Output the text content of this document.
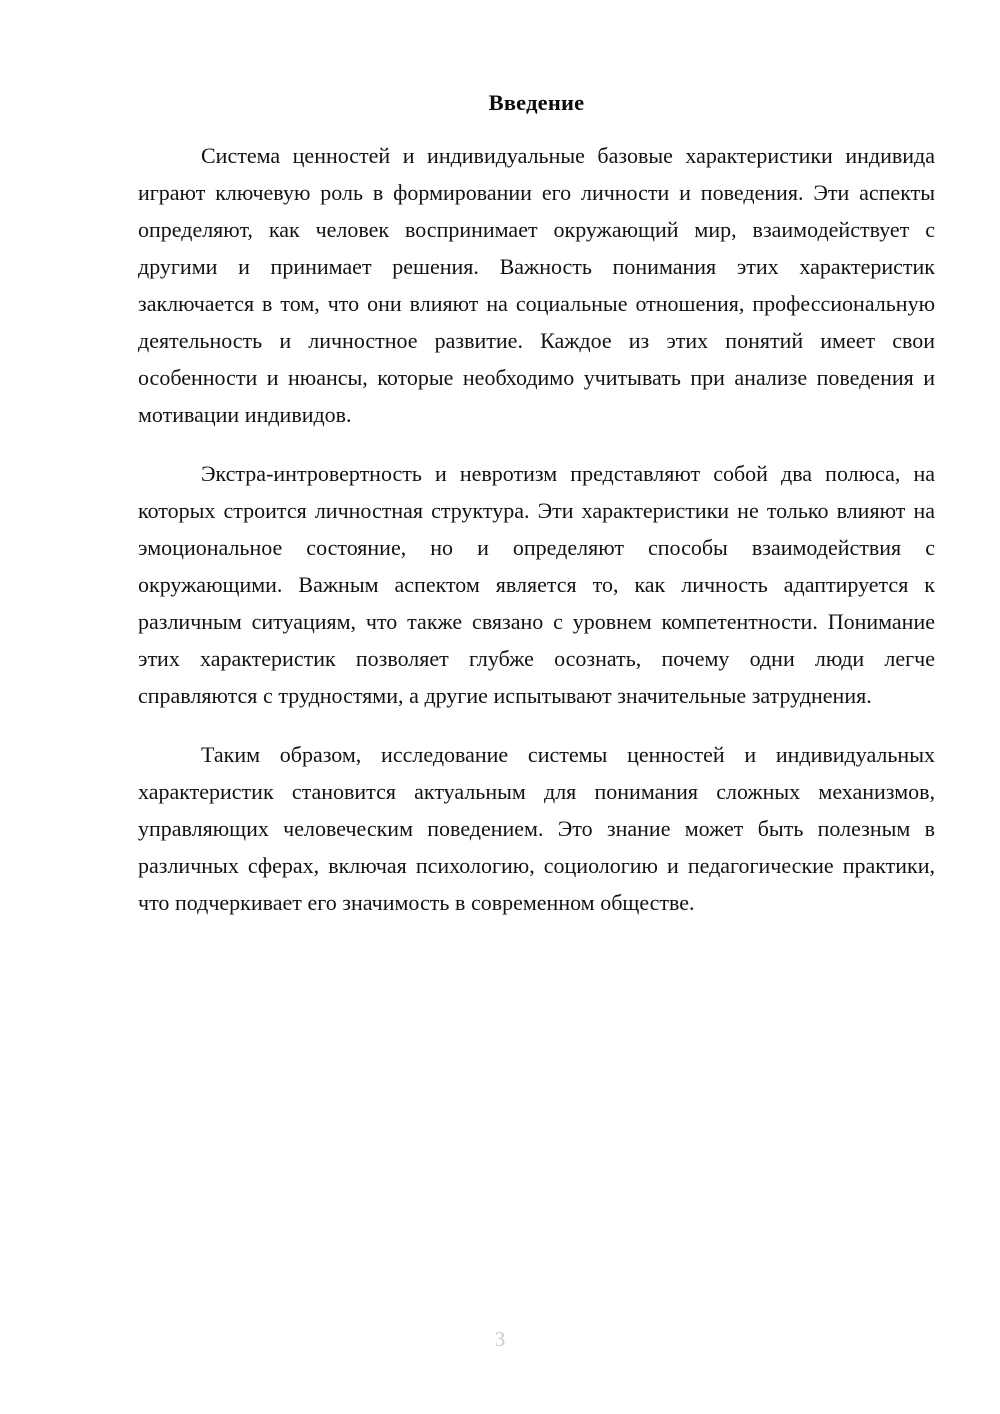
Введение

Система ценностей и индивидуальные базовые характеристики индивида играют ключевую роль в формировании его личности и поведения. Эти аспекты определяют, как человек воспринимает окружающий мир, взаимодействует с другими и принимает решения. Важность понимания этих характеристик заключается в том, что они влияют на социальные отношения, профессиональную деятельность и личностное развитие. Каждое из этих понятий имеет свои особенности и нюансы, которые необходимо учитывать при анализе поведения и мотивации индивидов.

Экстра-интровертность и невротизм представляют собой два полюса, на которых строится личностная структура. Эти характеристики не только влияют на эмоциональное состояние, но и определяют способы взаимодействия с окружающими. Важным аспектом является то, как личность адаптируется к различным ситуациям, что также связано с уровнем компетентности. Понимание этих характеристик позволяет глубже осознать, почему одни люди легче справляются с трудностями, а другие испытывают значительные затруднения.

Таким образом, исследование системы ценностей и индивидуальных характеристик становится актуальным для понимания сложных механизмов, управляющих человеческим поведением. Это знание может быть полезным в различных сферах, включая психологию, социологию и педагогические практики, что подчеркивает его значимость в современном обществе.

3
